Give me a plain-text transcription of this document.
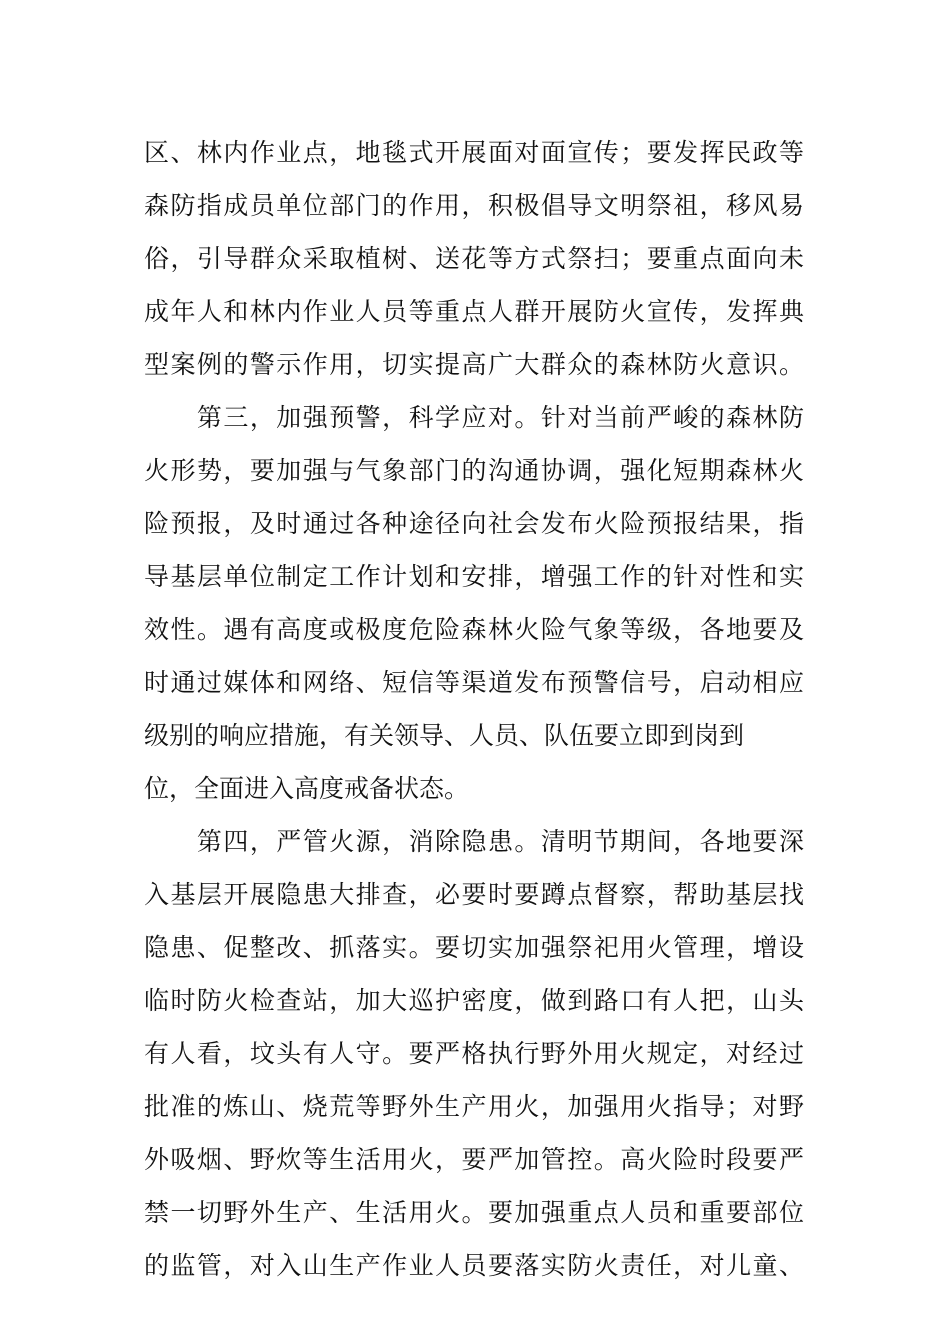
区、林内作业点，地毯式开展面对面宣传；要发挥民政等
森防指成员单位部门的作用，积极倡导文明祭祖，移风易
俗，引导群众采取植树、送花等方式祭扫；要重点面向未
成年人和林内作业人员等重点人群开展防火宣传，发挥典
型案例的警示作用，切实提高广大群众的森林防火意识。
　　第三，加强预警，科学应对。针对当前严峻的森林防
火形势，要加强与气象部门的沟通协调，强化短期森林火
险预报，及时通过各种途径向社会发布火险预报结果，指
导基层单位制定工作计划和安排，增强工作的针对性和实
效性。遇有高度或极度危险森林火险气象等级，各地要及
时通过媒体和网络、短信等渠道发布预警信号，启动相应
级别的响应措施，有关领导、人员、队伍要立即到岗到
位，全面进入高度戒备状态。
　　第四，严管火源，消除隐患。清明节期间，各地要深
入基层开展隐患大排查，必要时要蹲点督察，帮助基层找
隐患、促整改、抓落实。要切实加强祭祀用火管理，增设
临时防火检查站，加大巡护密度，做到路口有人把，山头
有人看，坟头有人守。要严格执行野外用火规定，对经过
批准的炼山、烧荒等野外生产用火，加强用火指导；对野
外吸烟、野炊等生活用火，要严加管控。高火险时段要严
禁一切野外生产、生活用火。要加强重点人员和重要部位
的监管，对入山生产作业人员要落实防火责任，对儿童、
